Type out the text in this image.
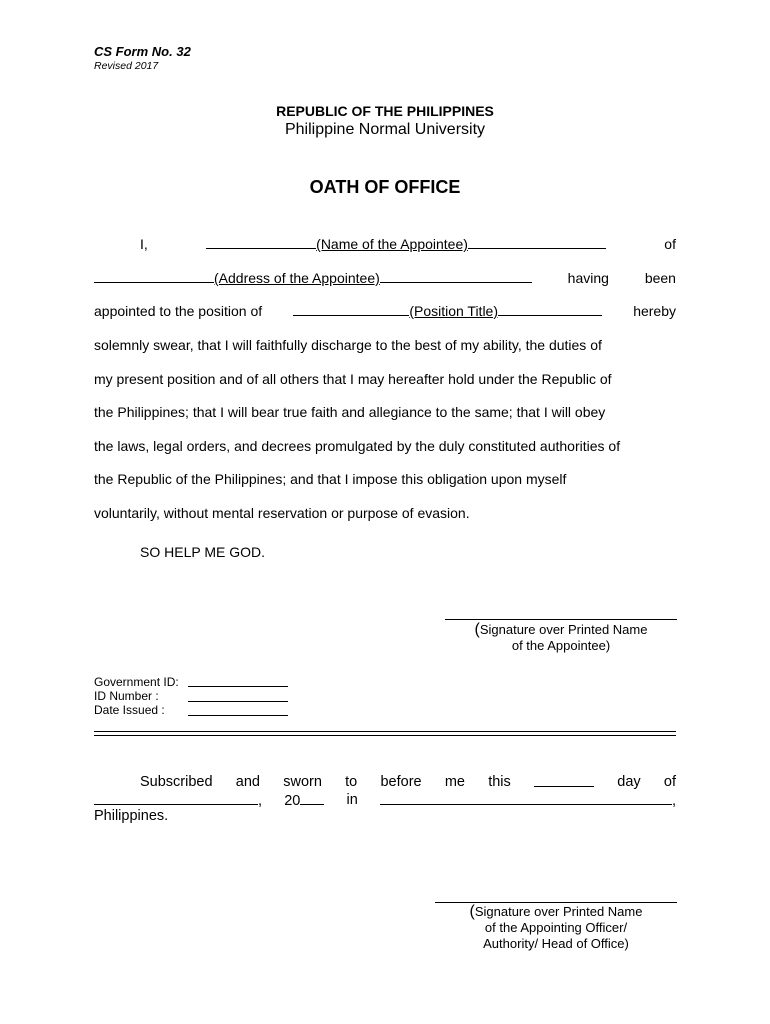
CS Form No. 32
Revised 2017
REPUBLIC OF THE PHILIPPINES
Philippine Normal University
OATH OF OFFICE
I,	(Name of the Appointee)	of
(Address of the Appointee)	having	been
appointed to the position of	(Position Title)	hereby
solemnly swear, that I will faithfully discharge to the best of my ability, the duties of
my present position and of all others that I may hereafter hold under the Republic of
the Philippines; that I will bear true faith and allegiance to the same; that I will obey
the laws, legal orders, and decrees promulgated by the duly constituted authorities of
the Republic of the Philippines; and that I impose this obligation upon myself
voluntarily, without mental reservation or purpose of evasion.
SO HELP ME GOD.
(Signature over Printed Name
of the Appointee)
Government ID:
ID Number :
Date Issued :
Subscribed and sworn to before me this	day of
, 20	in	,
Philippines.
(Signature over Printed Name
of the Appointing Officer/
Authority/ Head of Office)
